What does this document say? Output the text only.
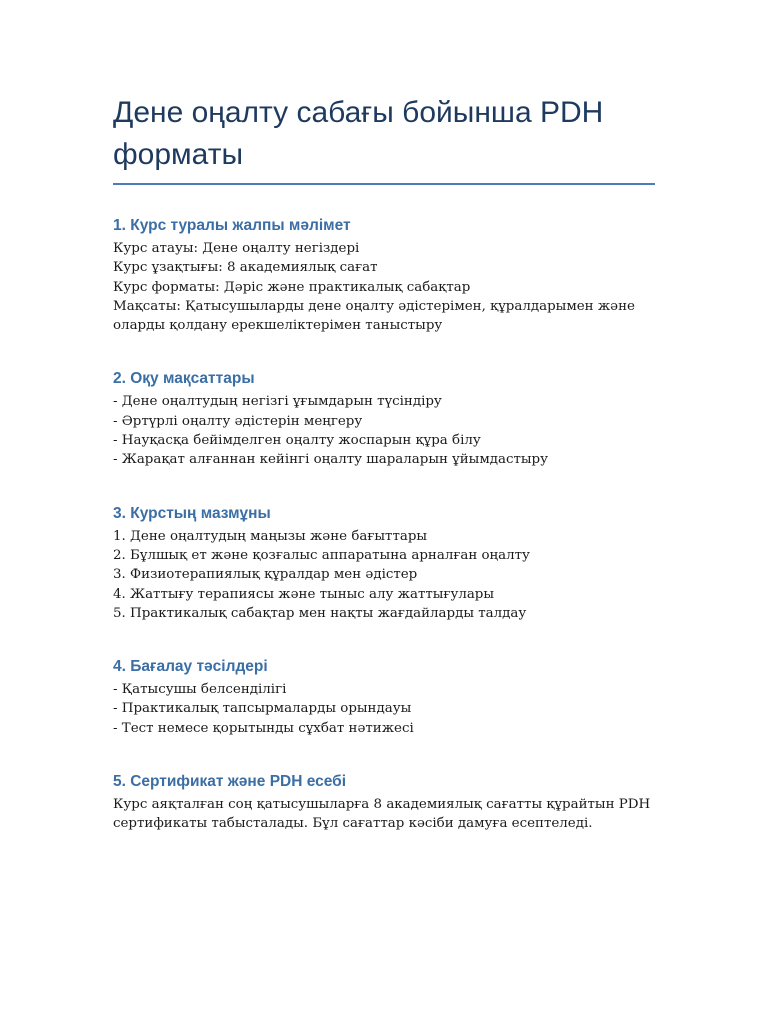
Дене оңалту сабағы бойынша PDH форматы
1. Курс туралы жалпы мәлімет
Курс атауы: Дене оңалту негіздері
Курс ұзақтығы: 8 академиялық сағат
Курс форматы: Дәріс және практикалық сабақтар
Мақсаты: Қатысушыларды дене оңалту әдістерімен, құралдарымен және оларды қолдану ерекшеліктерімен таныстыру
2. Оқу мақсаттары
- Дене оңалтудың негізгі ұғымдарын түсіндіру
- Әртүрлі оңалту әдістерін меңгеру
- Науқасқа бейімделген оңалту жоспарын құра білу
- Жарақат алғаннан кейінгі оңалту шараларын ұйымдастыру
3. Курстың мазмұны
1. Дене оңалтудың маңызы және бағыттары
2. Бұлшық ет және қозғалыс аппаратына арналған оңалту
3. Физиотерапиялық құралдар мен әдістер
4. Жаттығу терапиясы және тыныс алу жаттығулары
5. Практикалық сабақтар мен нақты жағдайларды талдау
4. Бағалау тәсілдері
- Қатысушы белсенділігі
- Практикалық тапсырмаларды орындауы
- Тест немесе қорытынды сұхбат нәтижесі
5. Сертификат және PDH есебі
Курс аяқталған соң қатысушыларға 8 академиялық сағатты құрайтын PDH сертификаты табысталады. Бұл сағаттар кәсіби дамуға есептеледі.
